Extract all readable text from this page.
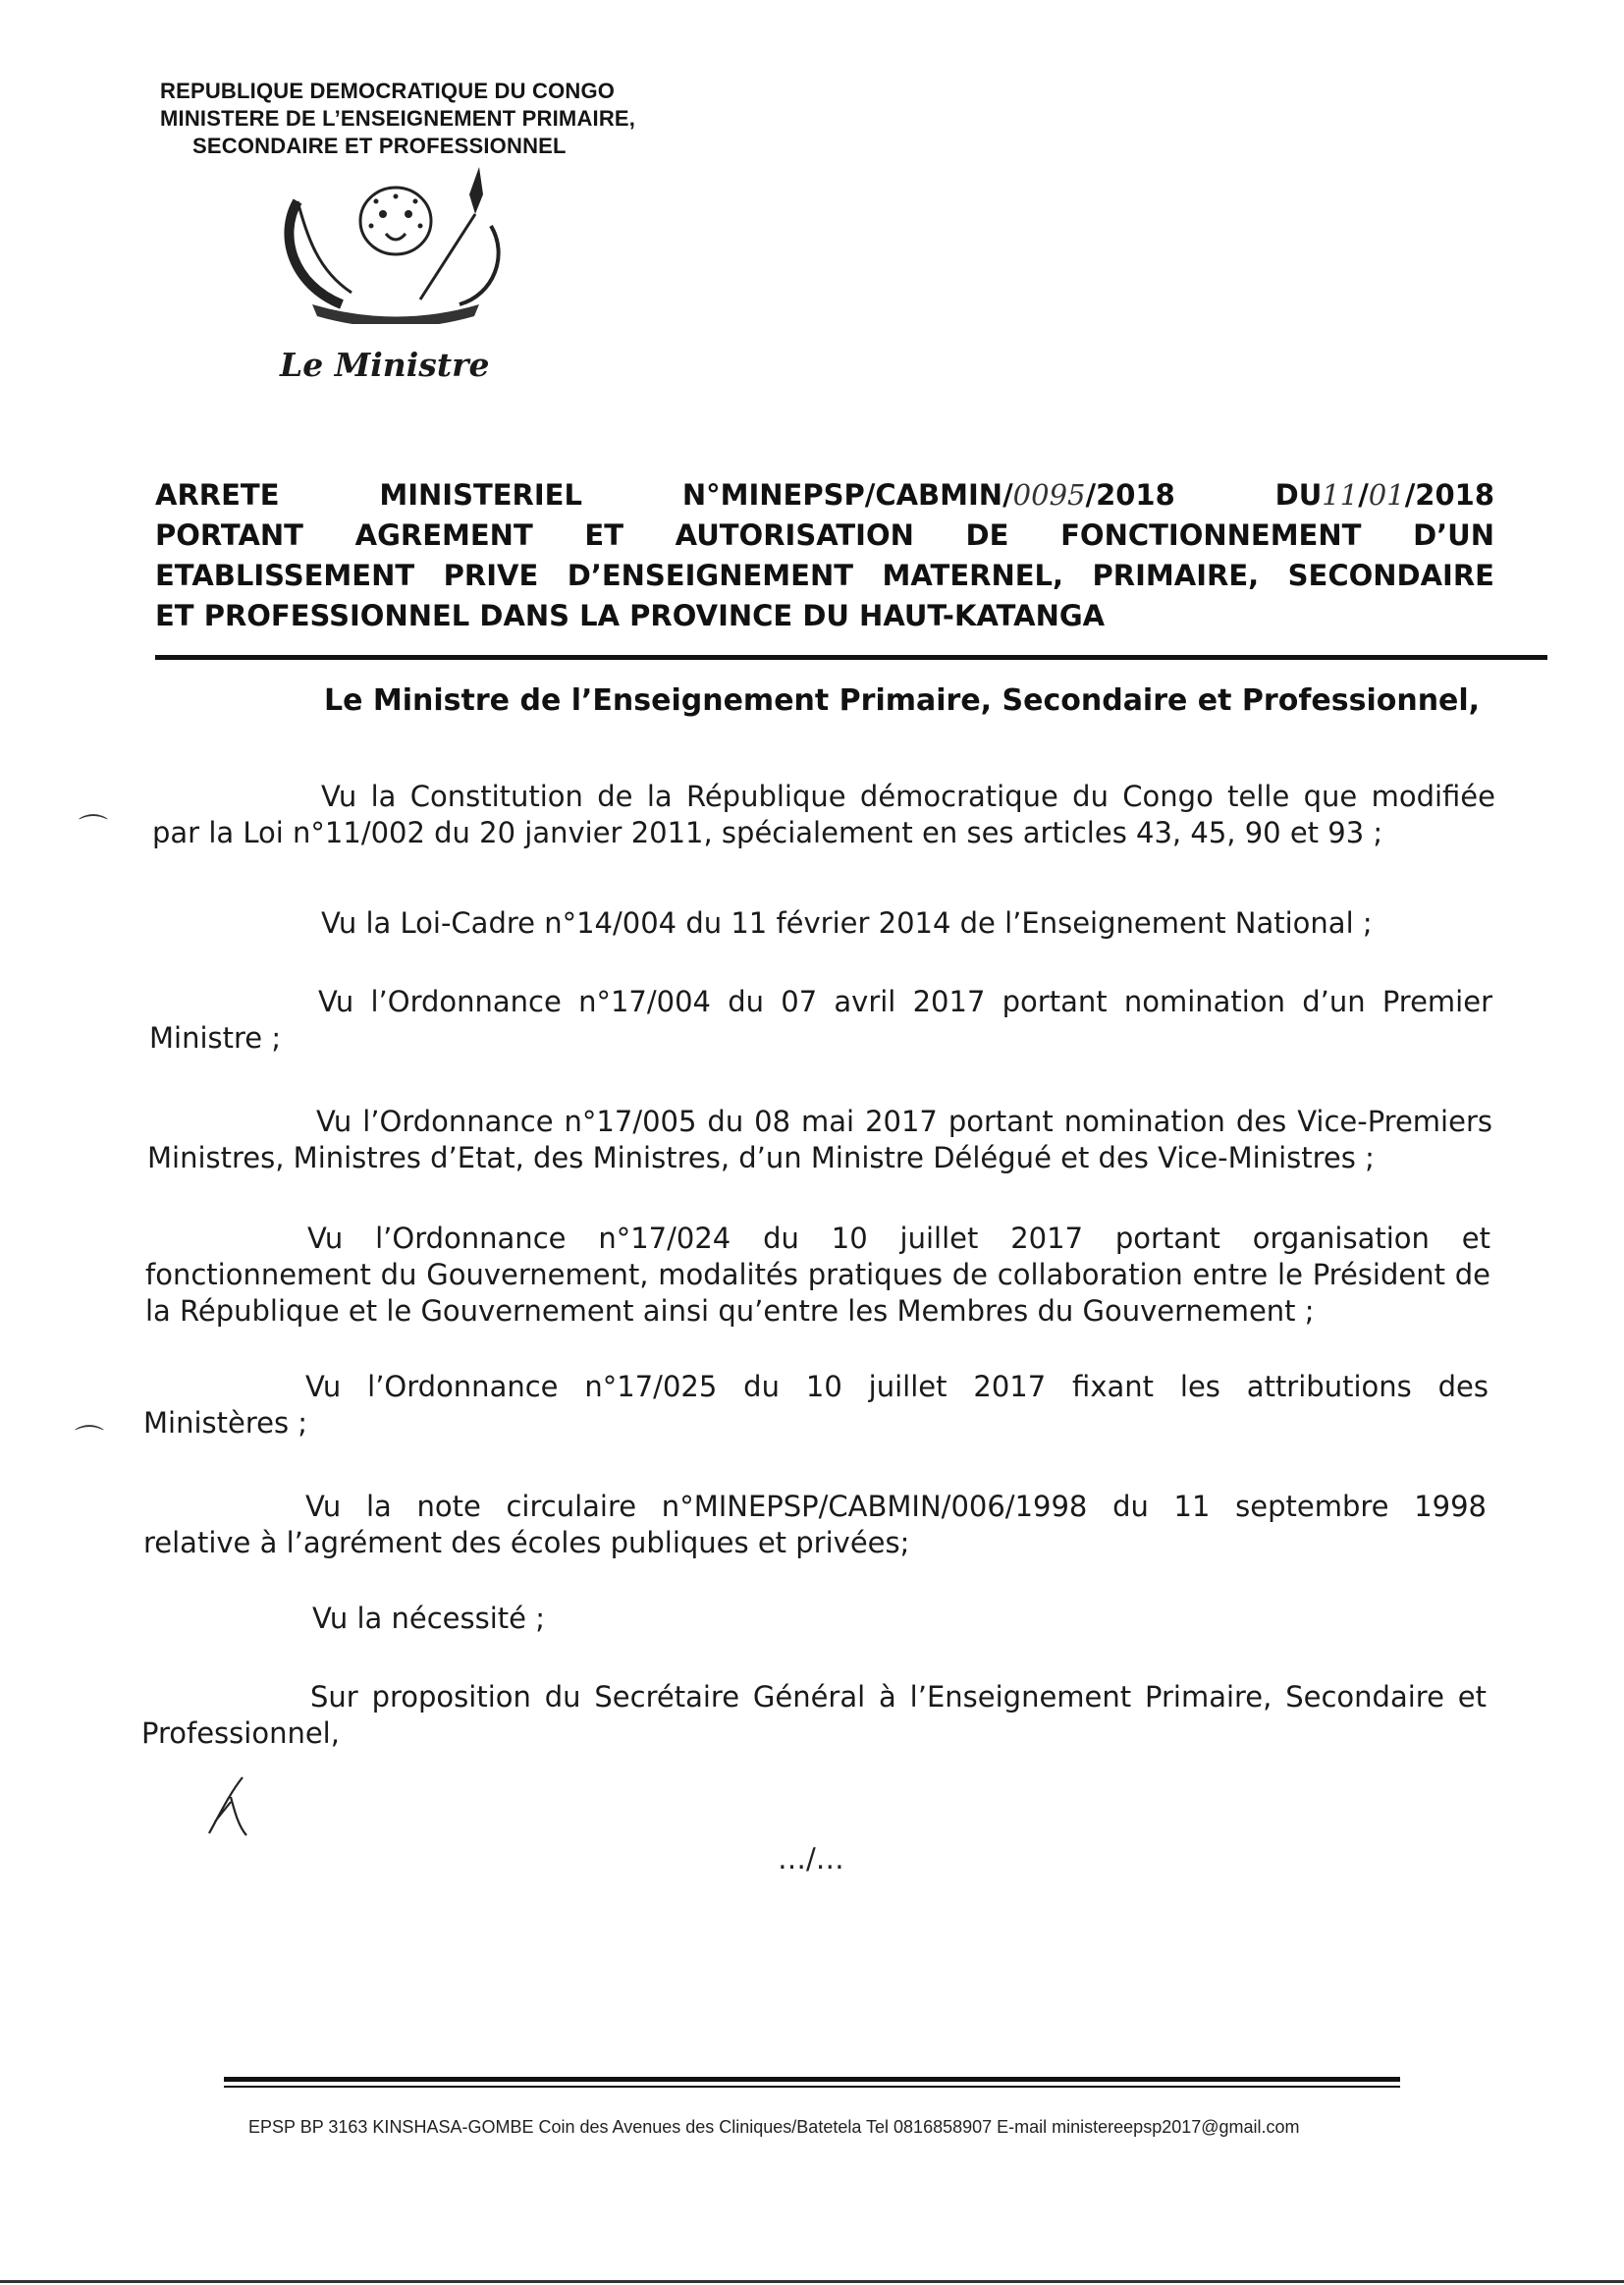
REPUBLIQUE DEMOCRATIQUE DU CONGO
MINISTERE DE L’ENSEIGNEMENT PRIMAIRE,
SECONDAIRE ET PROFESSIONNEL
Le Ministre
ARRETE MINISTERIEL N°MINEPSP/CABMIN/0095/2018 DU11/01/2018
PORTANT AGREMENT ET AUTORISATION DE FONCTIONNEMENT D’UN
ETABLISSEMENT PRIVE D’ENSEIGNEMENT MATERNEL, PRIMAIRE, SECONDAIRE
ET PROFESSIONNEL DANS LA PROVINCE DU HAUT-KATANGA
Le Ministre de l’Enseignement Primaire, Secondaire et Professionnel,
Vu la Constitution de la République démocratique du Congo telle que modifiée
par la Loi n°11/002 du 20 janvier 2011, spécialement en ses articles 43, 45, 90 et 93 ;
Vu la Loi-Cadre n°14/004 du 11 février 2014 de l’Enseignement National ;
Vu l’Ordonnance n°17/004 du 07 avril 2017 portant nomination d’un Premier
Ministre ;
Vu l’Ordonnance n°17/005 du 08 mai 2017 portant nomination des Vice-Premiers
Ministres, Ministres d’Etat, des Ministres, d’un Ministre Délégué et des Vice-Ministres ;
Vu l’Ordonnance n°17/024 du 10 juillet 2017 portant organisation et
fonctionnement du Gouvernement, modalités pratiques de collaboration entre le Président de la République et le Gouvernement ainsi qu’entre les Membres du Gouvernement ;
Vu l’Ordonnance n°17/025 du 10 juillet 2017 fixant les attributions des
Ministères ;
Vu la note circulaire n°MINEPSP/CABMIN/006/1998 du 11 septembre 1998
relative à l’agrément des écoles publiques et privées;
Vu la nécessité ;
Sur proposition du Secrétaire Général à l’Enseignement Primaire, Secondaire et
Professionnel,
⌒
⌒
…/…
EPSP BP 3163 KINSHASA-GOMBE Coin des Avenues des Cliniques/Batetela Tel 0816858907 E-mail ministereepsp2017@gmail.com
